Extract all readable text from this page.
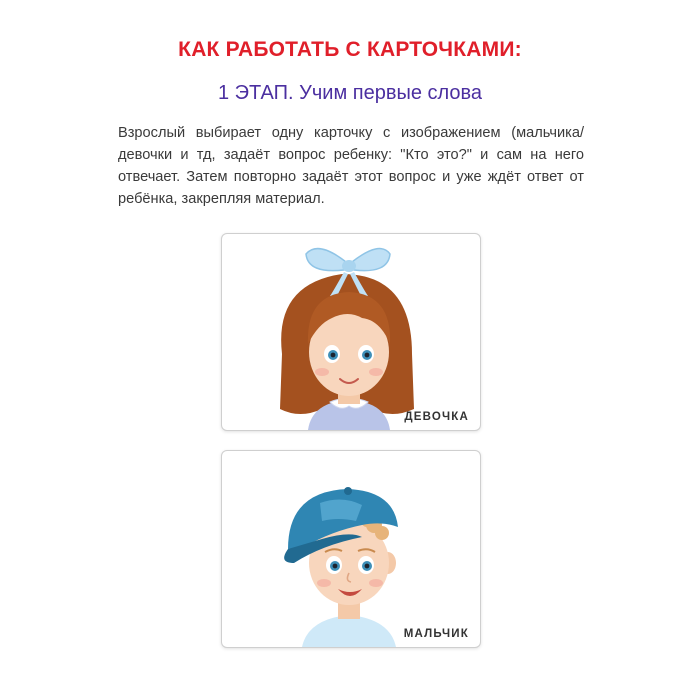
КАК РАБОТАТЬ С КАРТОЧКАМИ:
1 ЭТАП. Учим первые слова
Взрослый выбирает одну карточку с изображением (мальчика/девочки и тд, задаёт вопрос ребенку: "Кто это?" и сам на него отвечает. Затем повторно задаёт этот вопрос и уже ждёт ответ от ребёнка, закрепляя материал.
ДЕВОЧКА
МАЛЬЧИК
